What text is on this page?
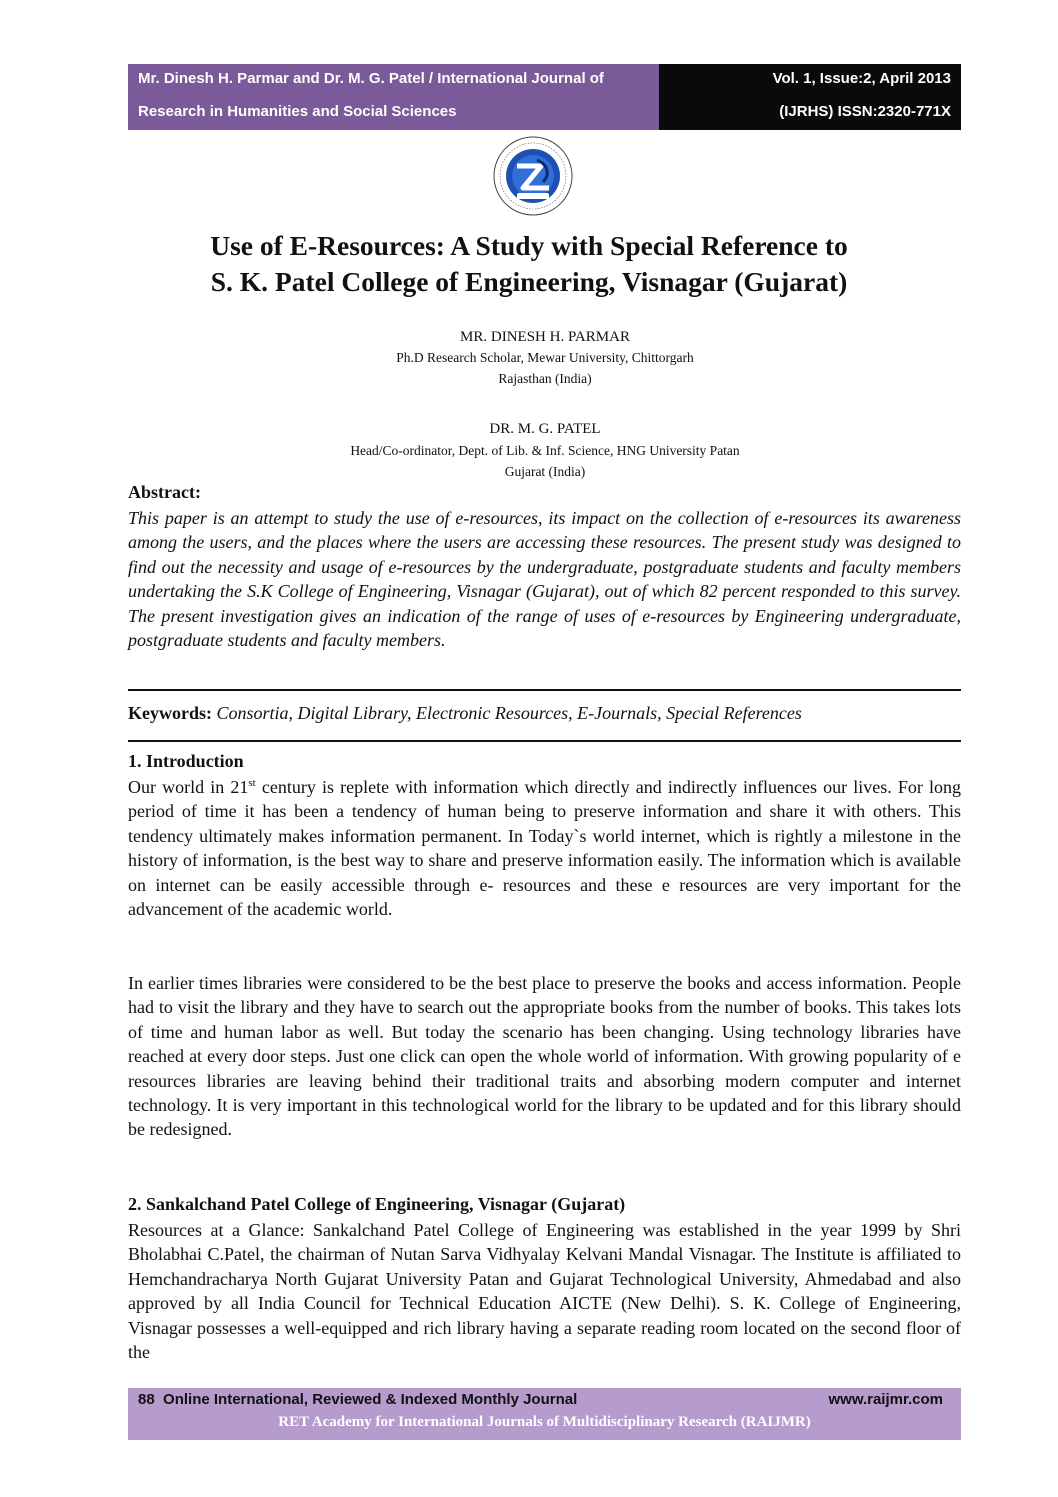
Mr. Dinesh H. Parmar and Dr. M. G. Patel / International Journal of
Research in Humanities and Social Sciences
Vol. 1, Issue:2, April 2013
(IJRHS) ISSN:2320-771X
Use of E-Resources: A Study with Special Reference to
S. K. Patel College of Engineering, Visnagar (Gujarat)
MR. DINESH H. PARMAR
Ph.D Research Scholar, Mewar University, Chittorgarh
Rajasthan (India)
DR. M. G. PATEL
Head/Co-ordinator, Dept. of Lib. & Inf. Science, HNG University Patan
Gujarat (India)
Abstract:

This paper is an attempt to study the use of e-resources, its impact on the collection of e-resources its awareness among the users, and the places where the users are accessing these resources. The present study was designed to find out the necessity and usage of e-resources by the undergraduate, postgraduate students and faculty members undertaking the S.K College of Engineering, Visnagar (Gujarat), out of which 82 percent responded to this survey. The present investigation gives an indication of the range of uses of e-resources by Engineering undergraduate, postgraduate students and faculty members.

Keywords: Consortia, Digital Library, Electronic Resources, E-Journals, Special References
1. Introduction

Our world in 21st century is replete with information which directly and indirectly influences our lives. For long period of time it has been a tendency of human being to preserve information and share it with others. This tendency ultimately makes information permanent. In Today`s world internet, which is rightly a milestone in the history of information, is the best way to share and preserve information easily. The information which is available on internet can be easily accessible through e- resources and these e resources are very important for the advancement of the academic world.

In earlier times libraries were considered to be the best place to preserve the books and access information. People had to visit the library and they have to search out the appropriate books from the number of books. This takes lots of time and human labor as well. But today the scenario has been changing. Using technology libraries have reached at every door steps. Just one click can open the whole world of information. With growing popularity of e resources libraries are leaving behind their traditional traits and absorbing modern computer and internet technology. It is very important in this technological world for the library to be updated and for this library should be redesigned.

2. Sankalchand Patel College of Engineering, Visnagar (Gujarat)

Resources at a Glance: Sankalchand Patel College of Engineering was established in the year 1999 by Shri Bholabhai C.Patel, the chairman of Nutan Sarva Vidhyalay Kelvani Mandal Visnagar. The Institute is affiliated to Hemchandracharya North Gujarat University Patan and Gujarat Technological University, Ahmedabad and also approved by all India Council for Technical Education AICTE (New Delhi). S. K. College of Engineering, Visnagar possesses a well-equipped and rich library having a separate reading room located on the second floor of the

88 Online International, Reviewed & Indexed Monthly Journal	www.raijmr.com
RET Academy for International Journals of Multidisciplinary Research (RAIJMR)
